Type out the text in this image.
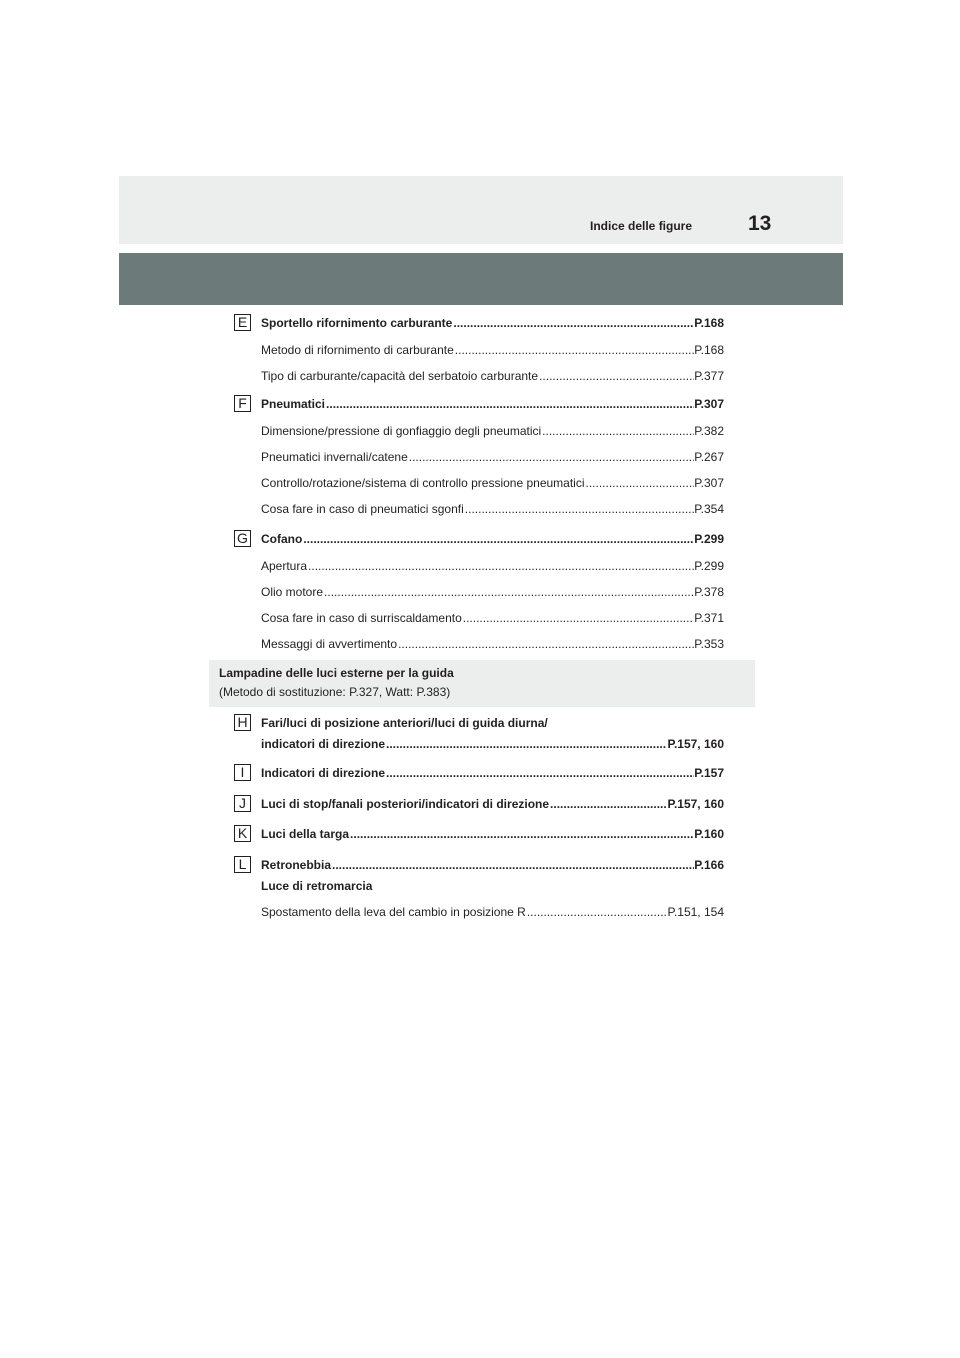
Indice delle figure	13
E	Sportello rifornimento carburante .....	P.168
Metodo di rifornimento di carburante .....	P.168
Tipo di carburante/capacità del serbatoio carburante .....	P.377
F	Pneumatici .....	P.307
Dimensione/pressione di gonfiaggio degli pneumatici .....	P.382
Pneumatici invernali/catene .....	P.267
Controllo/rotazione/sistema di controllo pressione pneumatici .....	P.307
Cosa fare in caso di pneumatici sgonfi .....	P.354
G Cofano .....	P.299
Apertura .....	P.299
Olio motore .....	P.378
Cosa fare in caso di surriscaldamento .....	P.371
Messaggi di avvertimento .....	P.353
Lampadine delle luci esterne per la guida
(Metodo di sostituzione: P.327, Watt: P.383)
H Fari/luci di posizione anteriori/luci di guida diurna/
indicatori di direzione .....	P.157, 160
I	Indicatori di direzione .....	P.157
J	Luci di stop/fanali posteriori/indicatori di direzione .....	P.157, 160
K	Luci della targa .....	P.160
L	Retronebbia .....	P.166
Luce di retromarcia
Spostamento della leva del cambio in posizione R .....	P.151, 154
